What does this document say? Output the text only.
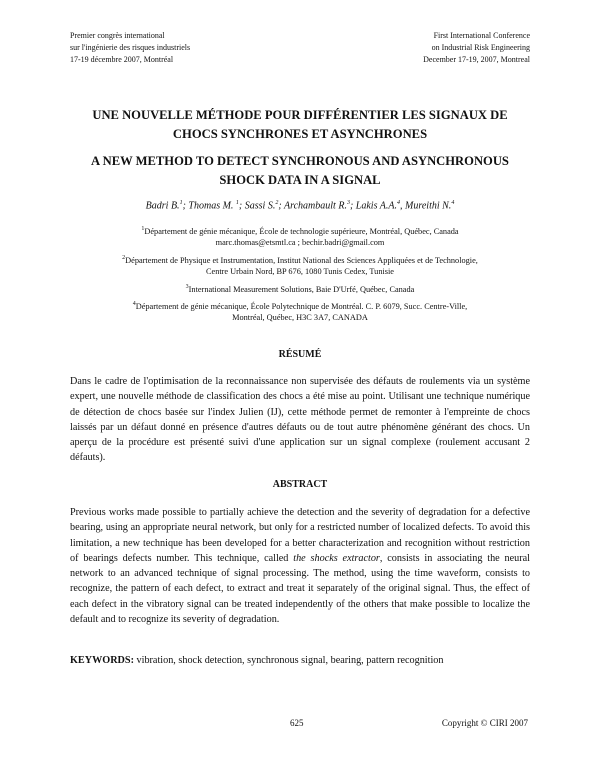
Premier congrès international
sur l'ingénierie des risques industriels
17-19 décembre 2007, Montréal
First International Conference
on Industrial Risk Engineering
December 17-19, 2007, Montreal
UNE NOUVELLE MÉTHODE POUR DIFFÉRENTIER LES SIGNAUX DE
CHOCS SYNCHRONES ET ASYNCHRONES
A NEW METHOD TO DETECT SYNCHRONOUS AND ASYNCHRONOUS
SHOCK DATA IN A SIGNAL
Badri B.$^1$; Thomas M. $^1$; Sassi S.$^2$; Archambault R.$^3$; Lakis A.A.$^4$, Mureithi N.$^4$
$^1$Département de génie mécanique, École de technologie supérieure, Montréal, Québec, Canada
marc.thomas@etsmtl.ca ; bechir.badri@gmail.com
$^2$Département de Physique et Instrumentation, Institut National des Sciences Appliquées et de Technologie,
Centre Urbain Nord, BP 676, 1080 Tunis Cedex, Tunisie
$^3$International Measurement Solutions, Baie D'Urfé, Québec, Canada
$^4$Département de génie mécanique, École Polytechnique de Montréal. C. P. 6079, Succ. Centre-Ville,
Montréal, Québec, H3C 3A7, CANADA
RÉSUMÉ

Dans le cadre de l'optimisation de la reconnaissance non supervisée des défauts de roulements via un système expert, une nouvelle méthode de classification des chocs a été mise au point. Utilisant une technique numérique de détection de chocs basée sur l'index Julien (IJ), cette méthode permet de remonter à l'empreinte de chocs laissés par un défaut donné en présence d'autres défauts ou de tout autre phénomène générant des chocs. Un aperçu de la procédure est présenté suivi d'une application sur un signal complexe (roulement accusant 2 défauts).

ABSTRACT

Previous works made possible to partially achieve the detection and the severity of degradation for a defective bearing, using an appropriate neural network, but only for a restricted number of localized defects. To avoid this limitation, a new technique has been developed for a better characterization and recognition without restriction of bearings defects number. This technique, called the shocks extractor, consists in associating the neural network to an advanced technique of signal processing. The method, using the time waveform, consists to recognize, the pattern of each defect, to extract and treat it separately of the original signal. Thus, the effect of each defect in the vibratory signal can be treated independently of the others that make possible to localize the default and to recognize its severity of degradation.

KEYWORDS: vibration, shock detection, synchronous signal, bearing, pattern recognition
625	Copyright © CIRI 2007
